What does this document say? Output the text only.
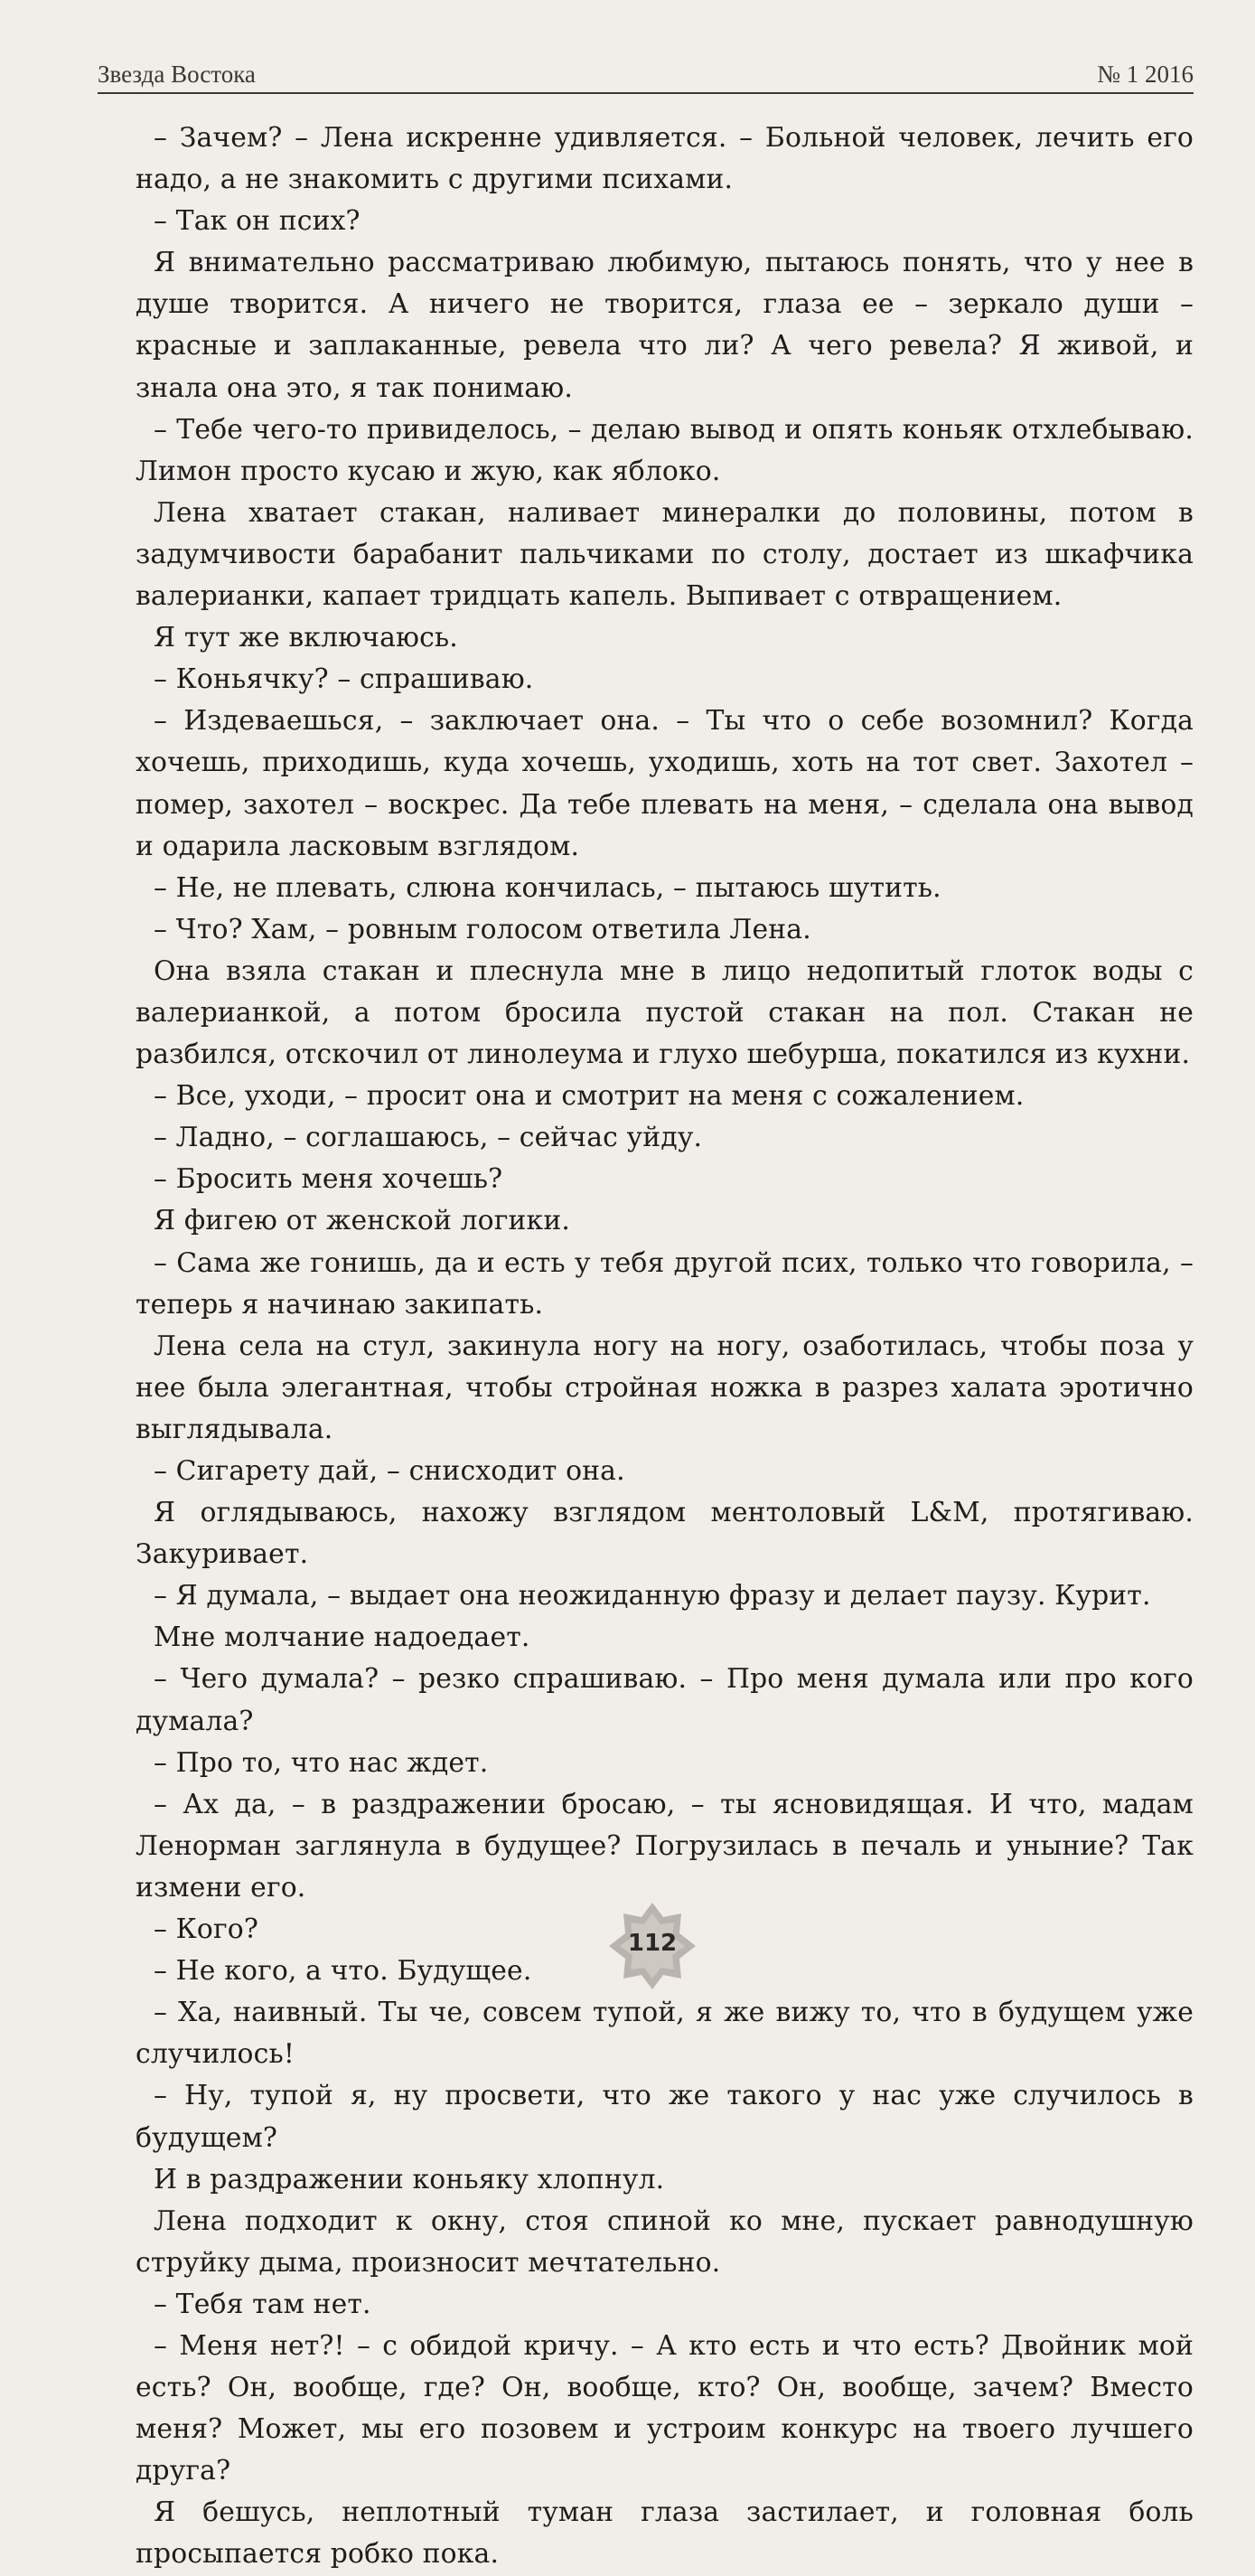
Звезда Востока	№ 1 2016

– Зачем? – Лена искренне удивляется. – Больной человек, лечить его надо, а не знакомить с другими психами.

– Так он псих?

Я внимательно рассматриваю любимую, пытаюсь понять, что у нее в душе творится. А ничего не творится, глаза ее – зеркало души – красные и заплаканные, ревела что ли? А чего ревела? Я живой, и знала она это, я так понимаю.

– Тебе чего-то привиделось, – делаю вывод и опять коньяк отхлебываю. Лимон просто кусаю и жую, как яблоко.

Лена хватает стакан, наливает минералки до половины, потом в задумчивости барабанит пальчиками по столу, достает из шкафчика валерианки, капает тридцать капель. Выпивает с отвращением.

Я тут же включаюсь.

– Коньячку? – спрашиваю.

– Издеваешься, – заключает она. – Ты что о себе возомнил? Когда хочешь, приходишь, куда хочешь, уходишь, хоть на тот свет. Захотел – помер, захотел – воскрес. Да тебе плевать на меня, – сделала она вывод и одарила ласковым взглядом.

– Не, не плевать, слюна кончилась, – пытаюсь шутить.

– Что? Хам, – ровным голосом ответила Лена.

Она взяла стакан и плеснула мне в лицо недопитый глоток воды с валерианкой, а потом бросила пустой стакан на пол. Стакан не разбился, отскочил от линолеума и глухо шебурша, покатился из кухни.

– Все, уходи, – просит она и смотрит на меня с сожалением.

– Ладно, – соглашаюсь, – сейчас уйду.

– Бросить меня хочешь?

Я фигею от женской логики.

– Сама же гонишь, да и есть у тебя другой псих, только что говорила, – теперь я начинаю закипать.

Лена села на стул, закинула ногу на ногу, озаботилась, чтобы поза у нее была элегантная, чтобы стройная ножка в разрез халата эротично выглядывала.

– Сигарету дай, – снисходит она.

Я оглядываюсь, нахожу взглядом ментоловый L&M, протягиваю. Закуривает.

– Я думала, – выдает она неожиданную фразу и делает паузу. Курит.

Мне молчание надоедает.

– Чего думала? – резко спрашиваю. – Про меня думала или про кого думала?

– Про то, что нас ждет.

– Ах да, – в раздражении бросаю, – ты ясновидящая. И что, мадам Ленорман заглянула в будущее? Погрузилась в печаль и уныние? Так измени его.

– Кого?

– Не кого, а что. Будущее.

– Ха, наивный. Ты че, совсем тупой, я же вижу то, что в будущем уже случилось!

– Ну, тупой я, ну просвети, что же такого у нас уже случилось в будущем?

И в раздражении коньяку хлопнул.

Лена подходит к окну, стоя спиной ко мне, пускает равнодушную струйку дыма, произносит мечтательно.

– Тебя там нет.

– Меня нет?! – с обидой кричу. – А кто есть и что есть? Двойник мой есть? Он, вообще, где? Он, вообще, кто? Он, вообще, зачем? Вместо меня? Может, мы его позовем и устроим конкурс на твоего лучшего друга?

Я бешусь, неплотный туман глаза застилает, и головная боль просыпается робко пока.

112
